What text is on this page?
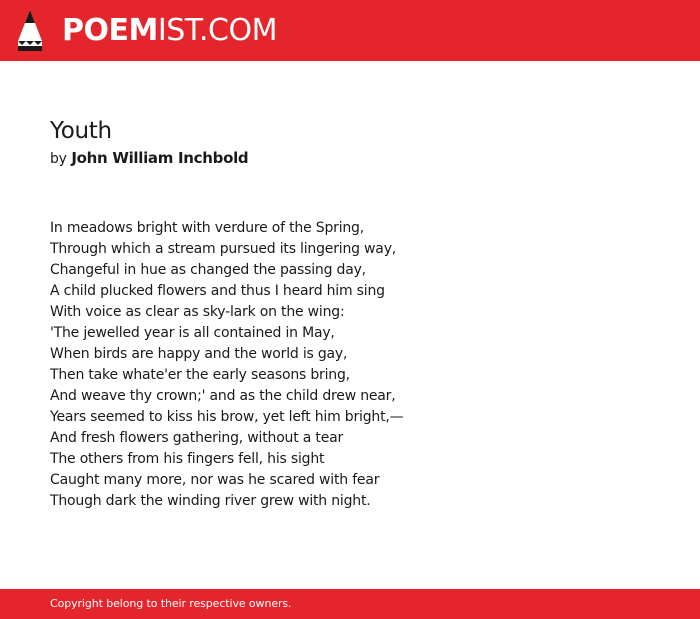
POEMIST.COM
Youth
by John William Inchbold
In meadows bright with verdure of the Spring,
Through which a stream pursued its lingering way,
Changeful in hue as changed the passing day,
A child plucked flowers and thus I heard him sing
With voice as clear as sky-lark on the wing:
'The jewelled year is all contained in May,
When birds are happy and the world is gay,
Then take whate'er the early seasons bring,
And weave thy crown;' and as the child drew near,
Years seemed to kiss his brow, yet left him bright,—
And fresh flowers gathering, without a tear
The others from his fingers fell, his sight
Caught many more, nor was he scared with fear
Though dark the winding river grew with night.
Copyright belong to their respective owners.
